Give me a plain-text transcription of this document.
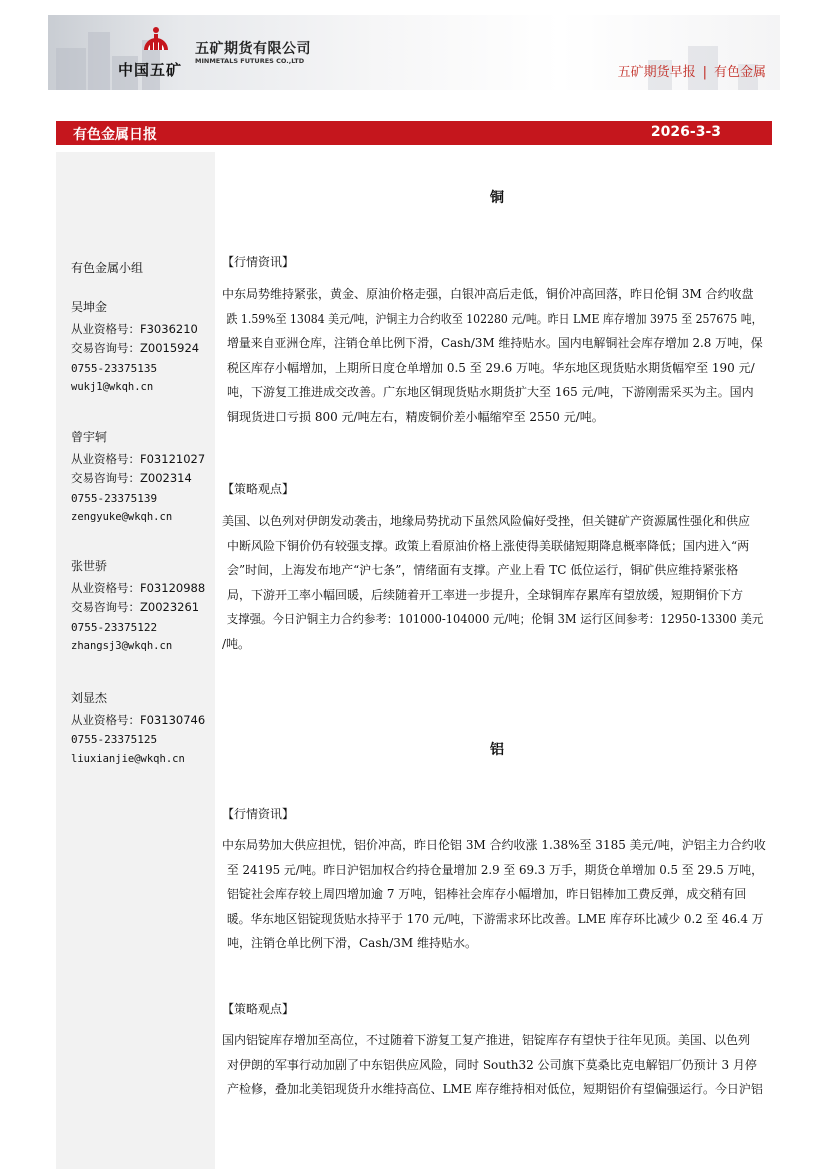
中国五矿
五矿期货有限公司
MINMETALS FUTURES CO.,LTD
五矿期货早报 | 有色金属
有色金属日报	2026-3-3
有色金属小组
吴坤金
从业资格号：F3036210
交易咨询号：Z0015924
0755-23375135
wukj1@wkqh.cn
曾宇轲
从业资格号：F03121027
交易咨询号：Z002314
0755-23375139
zengyuke@wkqh.cn
张世骄
从业资格号：F03120988
交易咨询号：Z0023261
0755-23375122
zhangsj3@wkqh.cn
刘显杰
从业资格号：F03130746
0755-23375125
liuxianjie@wkqh.cn
铜
【行情资讯】
中东局势维持紧张，黄金、原油价格走强，白银冲高后走低，铜价冲高回落，昨日伦铜 3M 合约收盘
跌 1.59%至 13084 美元/吨，沪铜主力合约收至 102280 元/吨。昨日 LME 库存增加 3975 至 257675 吨，
增量来自亚洲仓库，注销仓单比例下滑，Cash/3M 维持贴水。国内电解铜社会库存增加 2.8 万吨，保
税区库存小幅增加，上期所日度仓单增加 0.5 至 29.6 万吨。华东地区现货贴水期货幅窄至 190 元/
吨，下游复工推进成交改善。广东地区铜现货贴水期货扩大至 165 元/吨，下游刚需采买为主。国内
铜现货进口亏损 800 元/吨左右，精废铜价差小幅缩窄至 2550 元/吨。
【策略观点】
美国、以色列对伊朗发动袭击，地缘局势扰动下虽然风险偏好受挫，但关键矿产资源属性强化和供应
中断风险下铜价仍有较强支撑。政策上看原油价格上涨使得美联储短期降息概率降低；国内进入“两
会”时间，上海发布地产“沪七条”，情绪面有支撑。产业上看 TC 低位运行，铜矿供应维持紧张格
局，下游开工率小幅回暖，后续随着开工率进一步提升，全球铜库存累库有望放缓，短期铜价下方
支撑强。今日沪铜主力合约参考：101000-104000 元/吨；伦铜 3M 运行区间参考：12950-13300 美元
/吨。
铝
【行情资讯】
中东局势加大供应担忧，铝价冲高，昨日伦铝 3M 合约收涨 1.38%至 3185 美元/吨，沪铝主力合约收
至 24195 元/吨。昨日沪铝加权合约持仓量增加 2.9 至 69.3 万手，期货仓单增加 0.5 至 29.5 万吨，
铝锭社会库存较上周四增加逾 7 万吨，铝棒社会库存小幅增加，昨日铝棒加工费反弹，成交稍有回
暖。华东地区铝锭现货贴水持平于 170 元/吨，下游需求环比改善。LME 库存环比减少 0.2 至 46.4 万
吨，注销仓单比例下滑，Cash/3M 维持贴水。
【策略观点】
国内铝锭库存增加至高位，不过随着下游复工复产推进，铝锭库存有望快于往年见顶。美国、以色列
对伊朗的军事行动加剧了中东铝供应风险，同时 South32 公司旗下莫桑比克电解铝厂仍预计 3 月停
产检修，叠加北美铝现货升水维持高位、LME 库存维持相对低位，短期铝价有望偏强运行。今日沪铝
